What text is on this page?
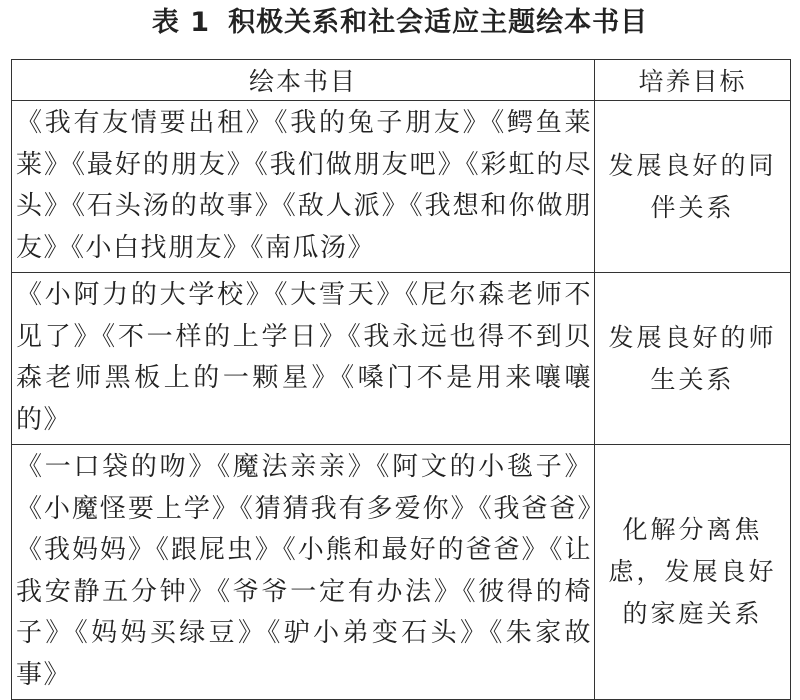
表 1 积极关系和社会适应主题绘本书目
绘本书目	培养目标
《我有友情要出租》《我的兔子朋友》《鳄鱼莱莱》《最好的朋友》《我们做朋友吧》《彩虹的尽头》《石头汤的故事》《敌人派》《我想和你做朋友》《小白找朋友》《南瓜汤》	发展良好的同伴关系
《小阿力的大学校》《大雪天》《尼尔森老师不见了》《不一样的上学日》《我永远也得不到贝森老师黑板上的一颗星》《嗓门不是用来嚷嚷的》	发展良好的师生关系
《一口袋的吻》《魔法亲亲》《阿文的小毯子》《小魔怪要上学》《猜猜我有多爱你》《我爸爸》《我妈妈》《跟屁虫》《小熊和最好的爸爸》《让我安静五分钟》《爷爷一定有办法》《彼得的椅子》《妈妈买绿豆》《驴小弟变石头》《朱家故事》	化解分离焦虑，发展良好的家庭关系
